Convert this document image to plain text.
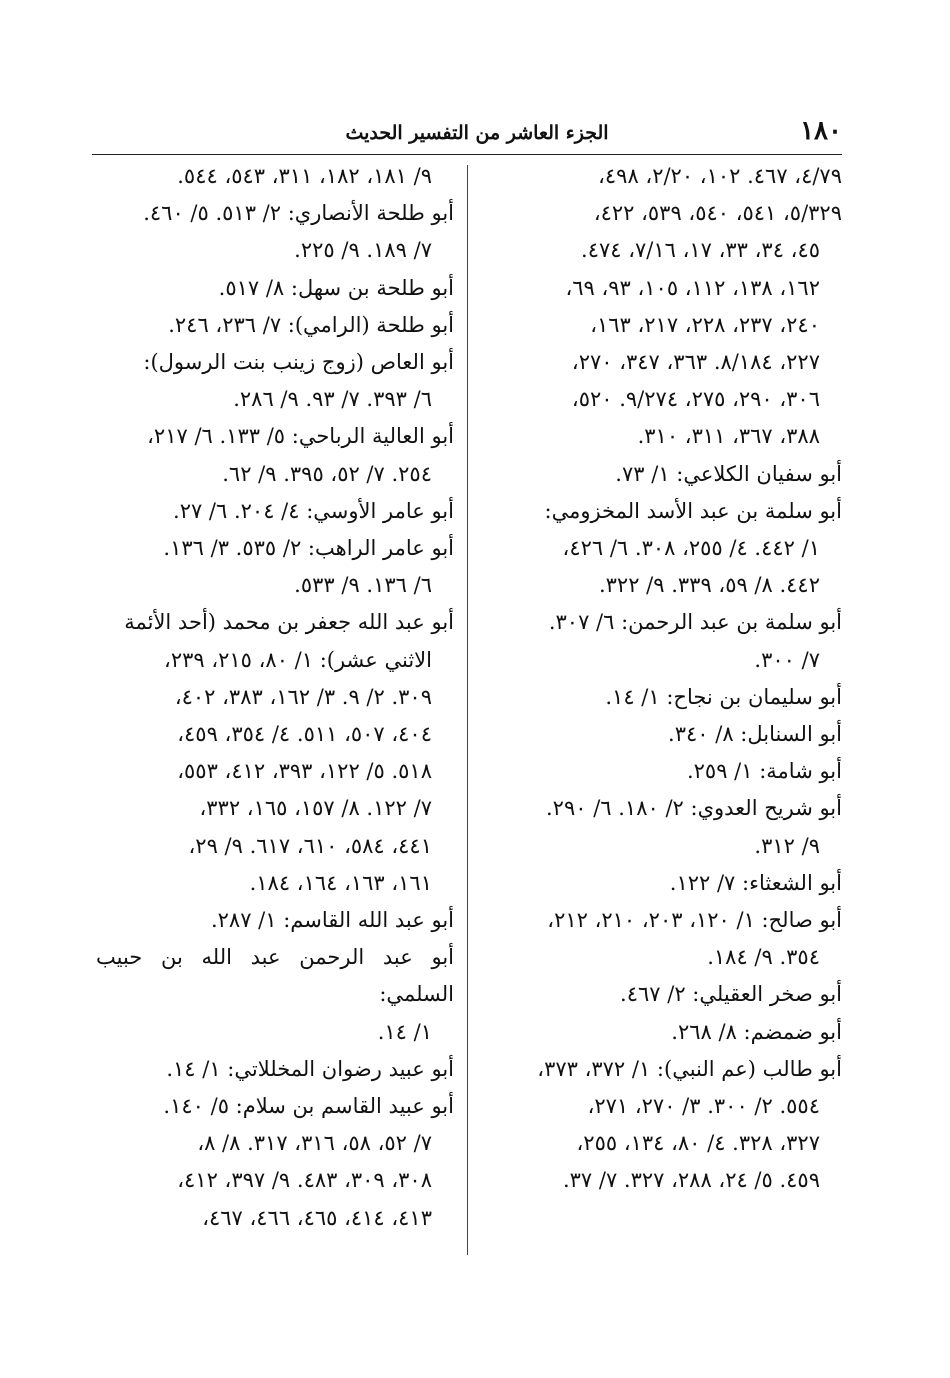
١٨٠
الجزء العاشر من التفسير الحديث

٤/٧٩، ٤٦٧. ١٠٢، ٢/٢٠، ٤٩٨،

٥/٣٢٩، ٥٤١، ٥٤٠، ٥٣٩، ٤٢٢،

٤٥، ٣٤، ٣٣، ١٧، ٧/١٦، ٤٧٤.

١٦٢، ١٣٨، ١١٢، ١٠٥، ٩٣، ٦٩،

٢٤٠، ٢٣٧، ٢٢٨، ٢١٧، ١٦٣،

٢٢٧، ٨/١٨٤. ٣٦٣، ٣٤٧، ٢٧٠،

٣٠٦، ٢٩٠، ٢٧٥، ٩/٢٧٤. ٥٢٠،

٣٨٨، ٣٦٧، ٣١١، ٣١٠.

أبو سفيان الكلاعي: ١/ ٧٣.

أبو سلمة بن عبد الأسد المخزومي:

١/ ٤٤٢. ٤/ ٢٥٥، ٣٠٨. ٦/ ٤٢٦،

٤٤٢. ٨/ ٥٩، ٣٣٩. ٩/ ٣٢٢.

أبو سلمة بن عبد الرحمن: ٦/ ٣٠٧.

٧/ ٣٠٠.

أبو سليمان بن نجاح: ١/ ١٤.

أبو السنابل: ٨/ ٣٤٠.

أبو شامة: ١/ ٢٥٩.

أبو شريح العدوي: ٢/ ١٨٠. ٦/ ٢٩٠.

٩/ ٣١٢.

أبو الشعثاء: ٧/ ١٢٢.

أبو صالح: ١/ ١٢٠، ٢٠٣، ٢١٠، ٢١٢،

٣٥٤. ٩/ ١٨٤.

أبو صخر العقيلي: ٢/ ٤٦٧.

أبو ضمضم: ٨/ ٢٦٨.

أبو طالب (عم النبي): ١/ ٣٧٢، ٣٧٣،

٥٥٤. ٢/ ٣٠٠. ٣/ ٢٧٠، ٢٧١،

٣٢٧، ٣٢٨. ٤/ ٨٠، ١٣٤، ٢٥٥،

٤٥٩. ٥/ ٢٤، ٢٨٨، ٣٢٧. ٧/ ٣٧.

٩/ ١٨١، ١٨٢، ٣١١، ٥٤٣، ٥٤٤.

أبو طلحة الأنصاري: ٢/ ٥١٣. ٥/ ٤٦٠.

٧/ ١٨٩. ٩/ ٢٢٥.

أبو طلحة بن سهل: ٨/ ٥١٧.

أبو طلحة (الرامي): ٧/ ٢٣٦، ٢٤٦.

أبو العاص (زوج زينب بنت الرسول):

٦/ ٣٩٣. ٧/ ٩٣. ٩/ ٢٨٦.

أبو العالية الرباحي: ٥/ ١٣٣. ٦/ ٢١٧،

٢٥٤. ٧/ ٥٢، ٣٩٥. ٩/ ٦٢.

أبو عامر الأوسي: ٤/ ٢٠٤. ٦/ ٢٧.

أبو عامر الراهب: ٢/ ٥٣٥. ٣/ ١٣٦.

٦/ ١٣٦. ٩/ ٥٣٣.

أبو عبد الله جعفر بن محمد (أحد الأئمة

الاثني عشر): ١/ ٨٠، ٢١٥، ٢٣٩،

٣٠٩. ٢/ ٩. ٣/ ١٦٢، ٣٨٣، ٤٠٢،

٤٠٤، ٥٠٧، ٥١١. ٤/ ٣٥٤، ٤٥٩،

٥١٨. ٥/ ١٢٢، ٣٩٣، ٤١٢، ٥٥٣،

٧/ ١٢٢. ٨/ ١٥٧، ١٦٥، ٣٣٢،

٤٤١، ٥٨٤، ٦١٠، ٦١٧. ٩/ ٢٩،

١٦١، ١٦٣، ١٦٤، ١٨٤.

أبو عبد الله القاسم: ١/ ٢٨٧.

أبو عبد الرحمن عبد الله بن حبيب السلمي:

١/ ١٤.

أبو عبيد رضوان المخللاتي: ١/ ١٤.

أبو عبيد القاسم بن سلام: ٥/ ١٤٠.

٧/ ٥٢، ٥٨، ٣١٦، ٣١٧. ٨/ ٨،

٣٠٨، ٣٠٩، ٤٨٣. ٩/ ٣٩٧، ٤١٢،

٤١٣، ٤١٤، ٤٦٥، ٤٦٦، ٤٦٧،
